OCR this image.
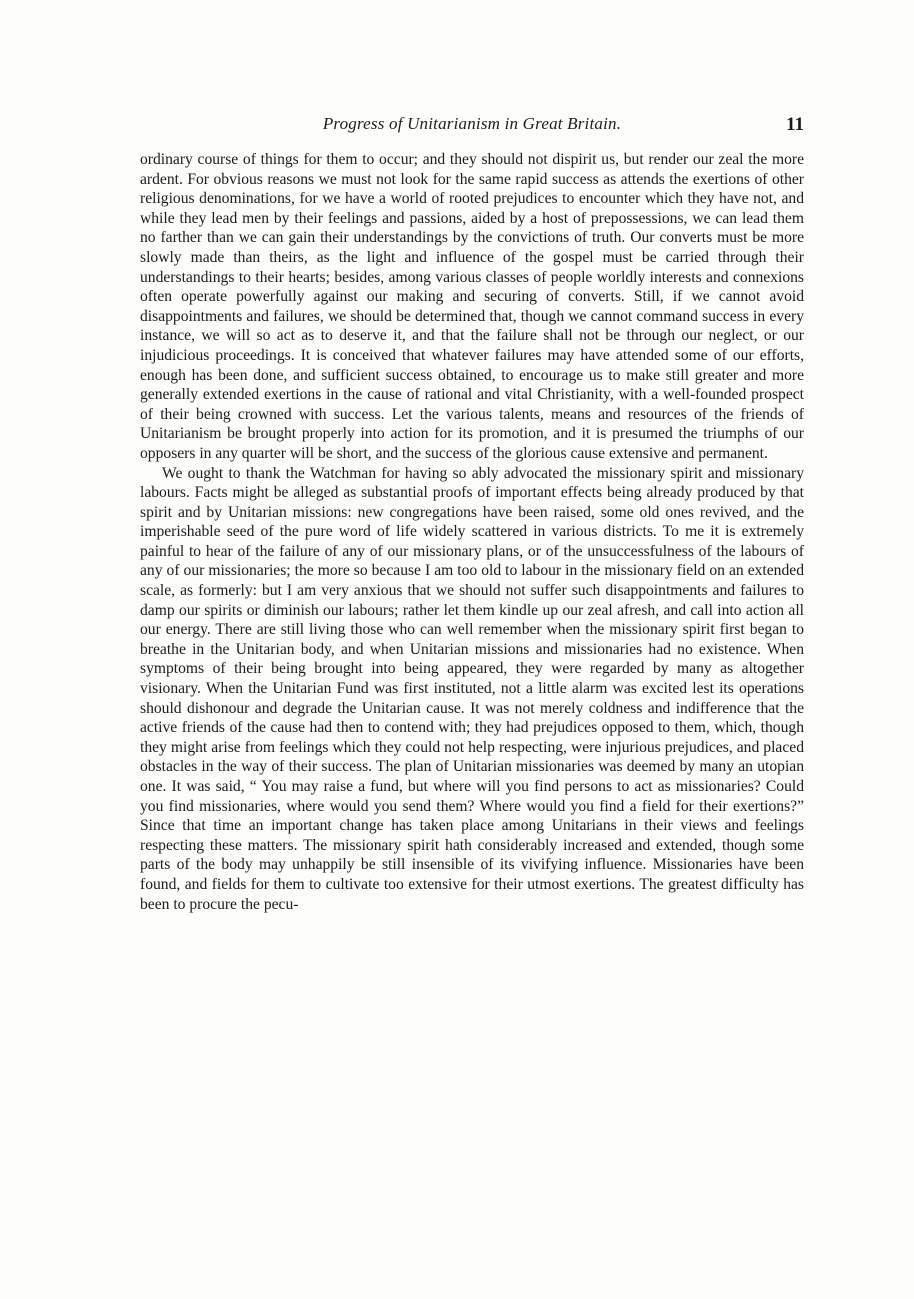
Progress of Unitarianism in Great Britain.	11

ordinary course of things for them to occur; and they should not dispirit us, but render our zeal the more ardent. For obvious reasons we must not look for the same rapid success as attends the exertions of other religious denominations, for we have a world of rooted prejudices to encounter which they have not, and while they lead men by their feelings and passions, aided by a host of prepossessions, we can lead them no farther than we can gain their understandings by the convictions of truth. Our converts must be more slowly made than theirs, as the light and influence of the gospel must be carried through their understandings to their hearts; besides, among various classes of people worldly interests and connexions often operate powerfully against our making and securing of converts. Still, if we cannot avoid disappointments and failures, we should be determined that, though we cannot command success in every instance, we will so act as to deserve it, and that the failure shall not be through our neglect, or our injudicious proceedings. It is conceived that whatever failures may have attended some of our efforts, enough has been done, and sufficient success obtained, to encourage us to make still greater and more generally extended exertions in the cause of rational and vital Christianity, with a well-founded prospect of their being crowned with success. Let the various talents, means and resources of the friends of Unitarianism be brought properly into action for its promotion, and it is presumed the triumphs of our opposers in any quarter will be short, and the success of the glorious cause extensive and permanent.

We ought to thank the Watchman for having so ably advocated the missionary spirit and missionary labours. Facts might be alleged as substantial proofs of important effects being already produced by that spirit and by Unitarian missions: new congregations have been raised, some old ones revived, and the imperishable seed of the pure word of life widely scattered in various districts. To me it is extremely painful to hear of the failure of any of our missionary plans, or of the unsuccessfulness of the labours of any of our missionaries; the more so because I am too old to labour in the missionary field on an extended scale, as formerly: but I am very anxious that we should not suffer such disappointments and failures to damp our spirits or diminish our labours; rather let them kindle up our zeal afresh, and call into action all our energy. There are still living those who can well remember when the missionary spirit first began to breathe in the Unitarian body, and when Unitarian missions and missionaries had no existence. When symptoms of their being brought into being appeared, they were regarded by many as altogether visionary. When the Unitarian Fund was first instituted, not a little alarm was excited lest its operations should dishonour and degrade the Unitarian cause. It was not merely coldness and indifference that the active friends of the cause had then to contend with; they had prejudices opposed to them, which, though they might arise from feelings which they could not help respecting, were injurious prejudices, and placed obstacles in the way of their success. The plan of Unitarian missionaries was deemed by many an utopian one. It was said, “ You may raise a fund, but where will you find persons to act as missionaries? Could you find missionaries, where would you send them? Where would you find a field for their exertions?” Since that time an important change has taken place among Unitarians in their views and feelings respecting these matters. The missionary spirit hath considerably increased and extended, though some parts of the body may unhappily be still insensible of its vivifying influence. Missionaries have been found, and fields for them to cultivate too extensive for their utmost exertions. The greatest difficulty has been to procure the pecu-
